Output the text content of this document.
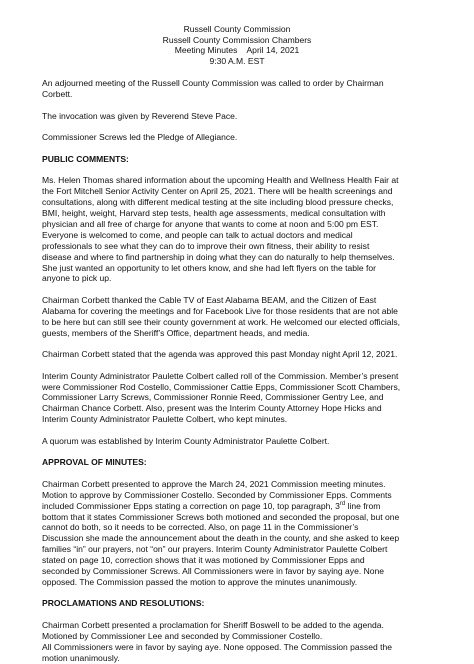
Russell County Commission
Russell County Commission Chambers
Meeting Minutes    April 14, 2021
9:30 A.M. EST
An adjourned meeting of the Russell County Commission was called to order by Chairman
Corbett.

The invocation was given by Reverend Steve Pace.

Commissioner Screws led the Pledge of Allegiance.

PUBLIC COMMENTS:
Ms. Helen Thomas shared information about the upcoming Health and Wellness Health Fair at
the Fort Mitchell Senior Activity Center on April 25, 2021. There will be health screenings and
consultations, along with different medical testing at the site including blood pressure checks,
BMI, height, weight, Harvard step tests, health age assessments, medical consultation with
physician and all free of charge for anyone that wants to come at noon and 5:00 pm EST.
Everyone is welcomed to come, and people can talk to actual doctors and medical
professionals to see what they can do to improve their own fitness, their ability to resist
disease and where to find partnership in doing what they can do naturally to help themselves.
She just wanted an opportunity to let others know, and she had left flyers on the table for
anyone to pick up.
Chairman Corbett thanked the Cable TV of East Alabama BEAM, and the Citizen of East
Alabama for covering the meetings and for Facebook Live for those residents that are not able
to be here but can still see their county government at work. He welcomed our elected officials,
guests, members of the Sheriff’s Office, department heads, and media.

Chairman Corbett stated that the agenda was approved this past Monday night April 12, 2021.

Interim County Administrator Paulette Colbert called roll of the Commission. Member’s present
were Commissioner Rod Costello, Commissioner Cattie Epps, Commissioner Scott Chambers,
Commissioner Larry Screws, Commissioner Ronnie Reed, Commissioner Gentry Lee, and
Chairman Chance Corbett. Also, present was the Interim County Attorney Hope Hicks and
Interim County Administrator Paulette Colbert, who kept minutes.

A quorum was established by Interim County Administrator Paulette Colbert.

APPROVAL OF MINUTES:
Chairman Corbett presented to approve the March 24, 2021 Commission meeting minutes.
Motion to approve by Commissioner Costello. Seconded by Commissioner Epps. Comments
included Commissioner Epps stating a correction on page 10, top paragraph, 3rd line from
bottom that it states Commissioner Screws both motioned and seconded the proposal, but one
cannot do both, so it needs to be corrected. Also, on page 11 in the Commissioner’s
Discussion she made the announcement about the death in the county, and she asked to keep
families “in” our prayers, not “on” our prayers. Interim County Administrator Paulette Colbert
stated on page 10, correction shows that it was motioned by Commissioner Epps and
seconded by Commissioner Screws. All Commissioners were in favor by saying aye. None
opposed. The Commission passed the motion to approve the minutes unanimously.
PROCLAMATIONS AND RESOLUTIONS:
Chairman Corbett presented a proclamation for Sheriff Boswell to be added to the agenda.
Motioned by Commissioner Lee and seconded by Commissioner Costello.
All Commissioners were in favor by saying aye. None opposed. The Commission passed the
motion unanimously.
